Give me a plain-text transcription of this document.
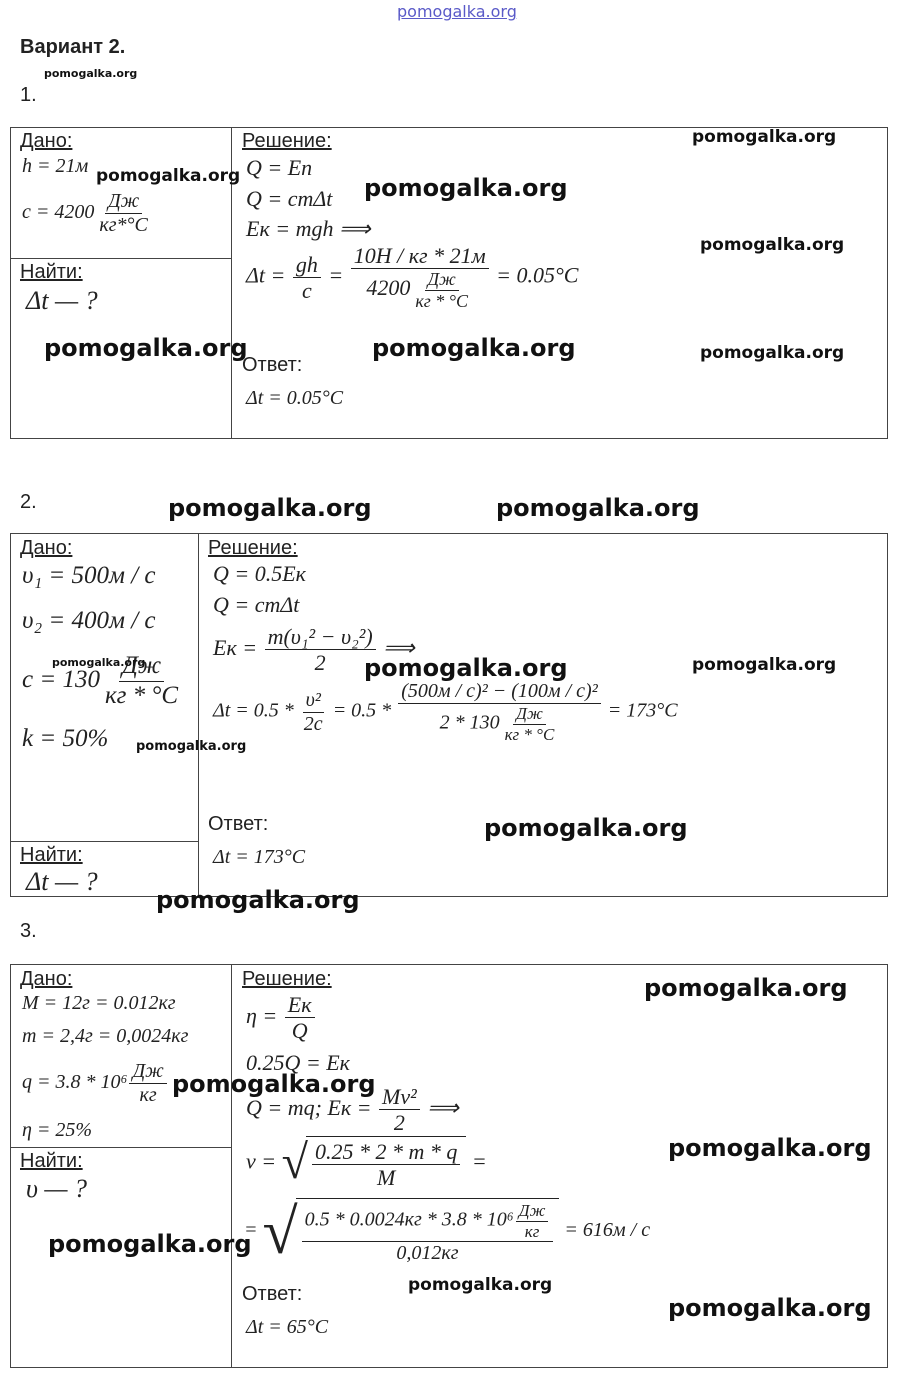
pomogalka.org
Вариант 2.
pomogalka.org
1.
Дано:
h = 21м
$c = 4200 \frac{Дж}{кг*^\circ С}$
Найти:
Δt — ?
Решение:
Q = Eп
Q = cmΔt
Eк = mgh ⟹
$\Delta t = \frac{gh}{c} = \frac{10Н / кг * 21м}{4200 \frac{Дж}{кг * ^\circ С}} = 0.05^\circ С$
Ответ:
Δt = 0.05°С
pomogalka.org	pomogalka.org
pomogalka.org
pomogalka.org
pomogalka.org	pomogalka.org	pomogalka.org
2.	pomogalka.org	pomogalka.org
Дано:
υ₁ = 500м / с
υ₂ = 400м / с
$c = 130 \frac{Дж}{кг * ^\circ С}$
k = 50%
Найти:
Δt — ?
Решение:
Q = 0.5Eк
Q = cmΔt
Eк = $\frac{\text{m(υ₁² − υ₂²)}}{2}$ ⟹
$\Delta t = 0.5 * \frac{\text{υ²}}{2c} = 0.5 * \frac{\text{(500м / с)² − (100м / с)²}}{2 * 130 \frac{Дж}{кг * ^\circ С}} = 173^\circ С$
Ответ:
Δt = 173°С
pomogalka.org
pomogalka.org
pomogalka.org	pomogalka.org
pomogalka.org
pomogalka.org
3.
Дано:
M = 12г = 0.012кг
m = 2,4г = 0,0024кг
$q = 3.8 * 10^6 \frac{Дж}{кг}$
η = 25%
Найти:
υ — ?
Решение:
$\eta = \frac{Eк}{Q}$
0.25Q = Eк
Q = mq; Eк = $\frac{\text{Mv²}}{2}$ ⟹
v = √ $\frac{0.25 * 2 * m * q}{M}$ =
= √ $\frac{0.5 * 0.0024кг * 3.8 * 10^6 \frac{Дж}{кг}}{0,012кг} = 616м / с$
Ответ:
Δt = 65°С
pomogalka.org
pomogalka.org
pomogalka.org
pomogalka.org
pomogalka.org
pomogalka.org
